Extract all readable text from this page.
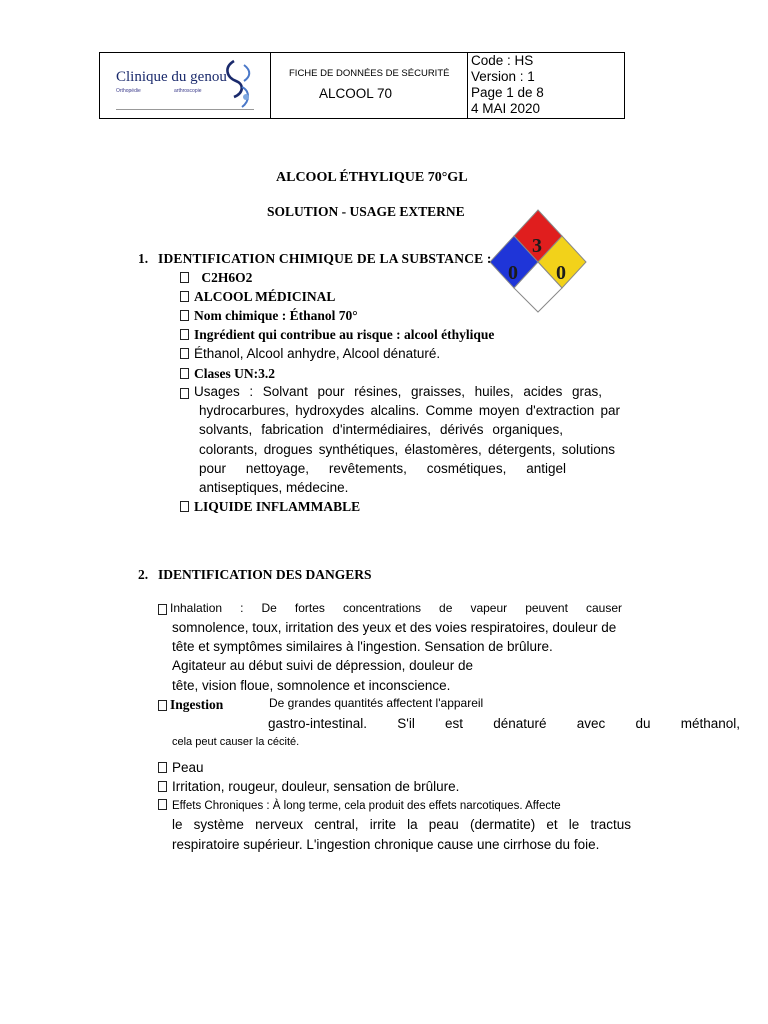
Clinique du genou
Orthopédie	arthroscopie
FICHE DE DONNÉES DE SÉCURITÉ
ALCOOL 70
Code : HS
Version : 1
Page 1 de 8
4 MAI 2020
ALCOOL ÉTHYLIQUE 70°GL
SOLUTION - USAGE EXTERNE
3
0 0
1. IDENTIFICATION CHIMIQUE DE LA SUBSTANCE :
C2H6O2
ALCOOL MÉDICINAL
Nom chimique : Éthanol 70°
Ingrédient qui contribue au risque : alcool éthylique
Éthanol, Alcool anhydre, Alcool dénaturé.
Clases UN:3.2
Usages : Solvant pour résines, graisses, huiles, acides gras,
hydrocarbures, hydroxydes alcalins. Comme moyen d'extraction par
solvants, fabrication d'intermédiaires, dérivés organiques,
colorants, drogues synthétiques, élastomères, détergents, solutions
pour nettoyage, revêtements, cosmétiques, antigel
antiseptiques, médecine.
LIQUIDE INFLAMMABLE
2. IDENTIFICATION DES DANGERS
Inhalation : De fortes concentrations de vapeur peuvent causer
somnolence, toux, irritation des yeux et des voies respiratoires, douleur de
tête et symptômes similaires à l'ingestion. Sensation de brûlure.
Agitateur au début suivi de dépression, douleur de
tête, vision floue, somnolence et inconscience.
Ingestion	De grandes quantités affectent l'appareil
gastro-intestinal. S'il est dénaturé avec du méthanol,
cela peut causer la cécité.
Peau
Irritation, rougeur, douleur, sensation de brûlure.
Effets Chroniques : À long terme, cela produit des effets narcotiques. Affecte
le système nerveux central, irrite la peau (dermatite) et le tractus
respiratoire supérieur. L'ingestion chronique cause une cirrhose du foie.
